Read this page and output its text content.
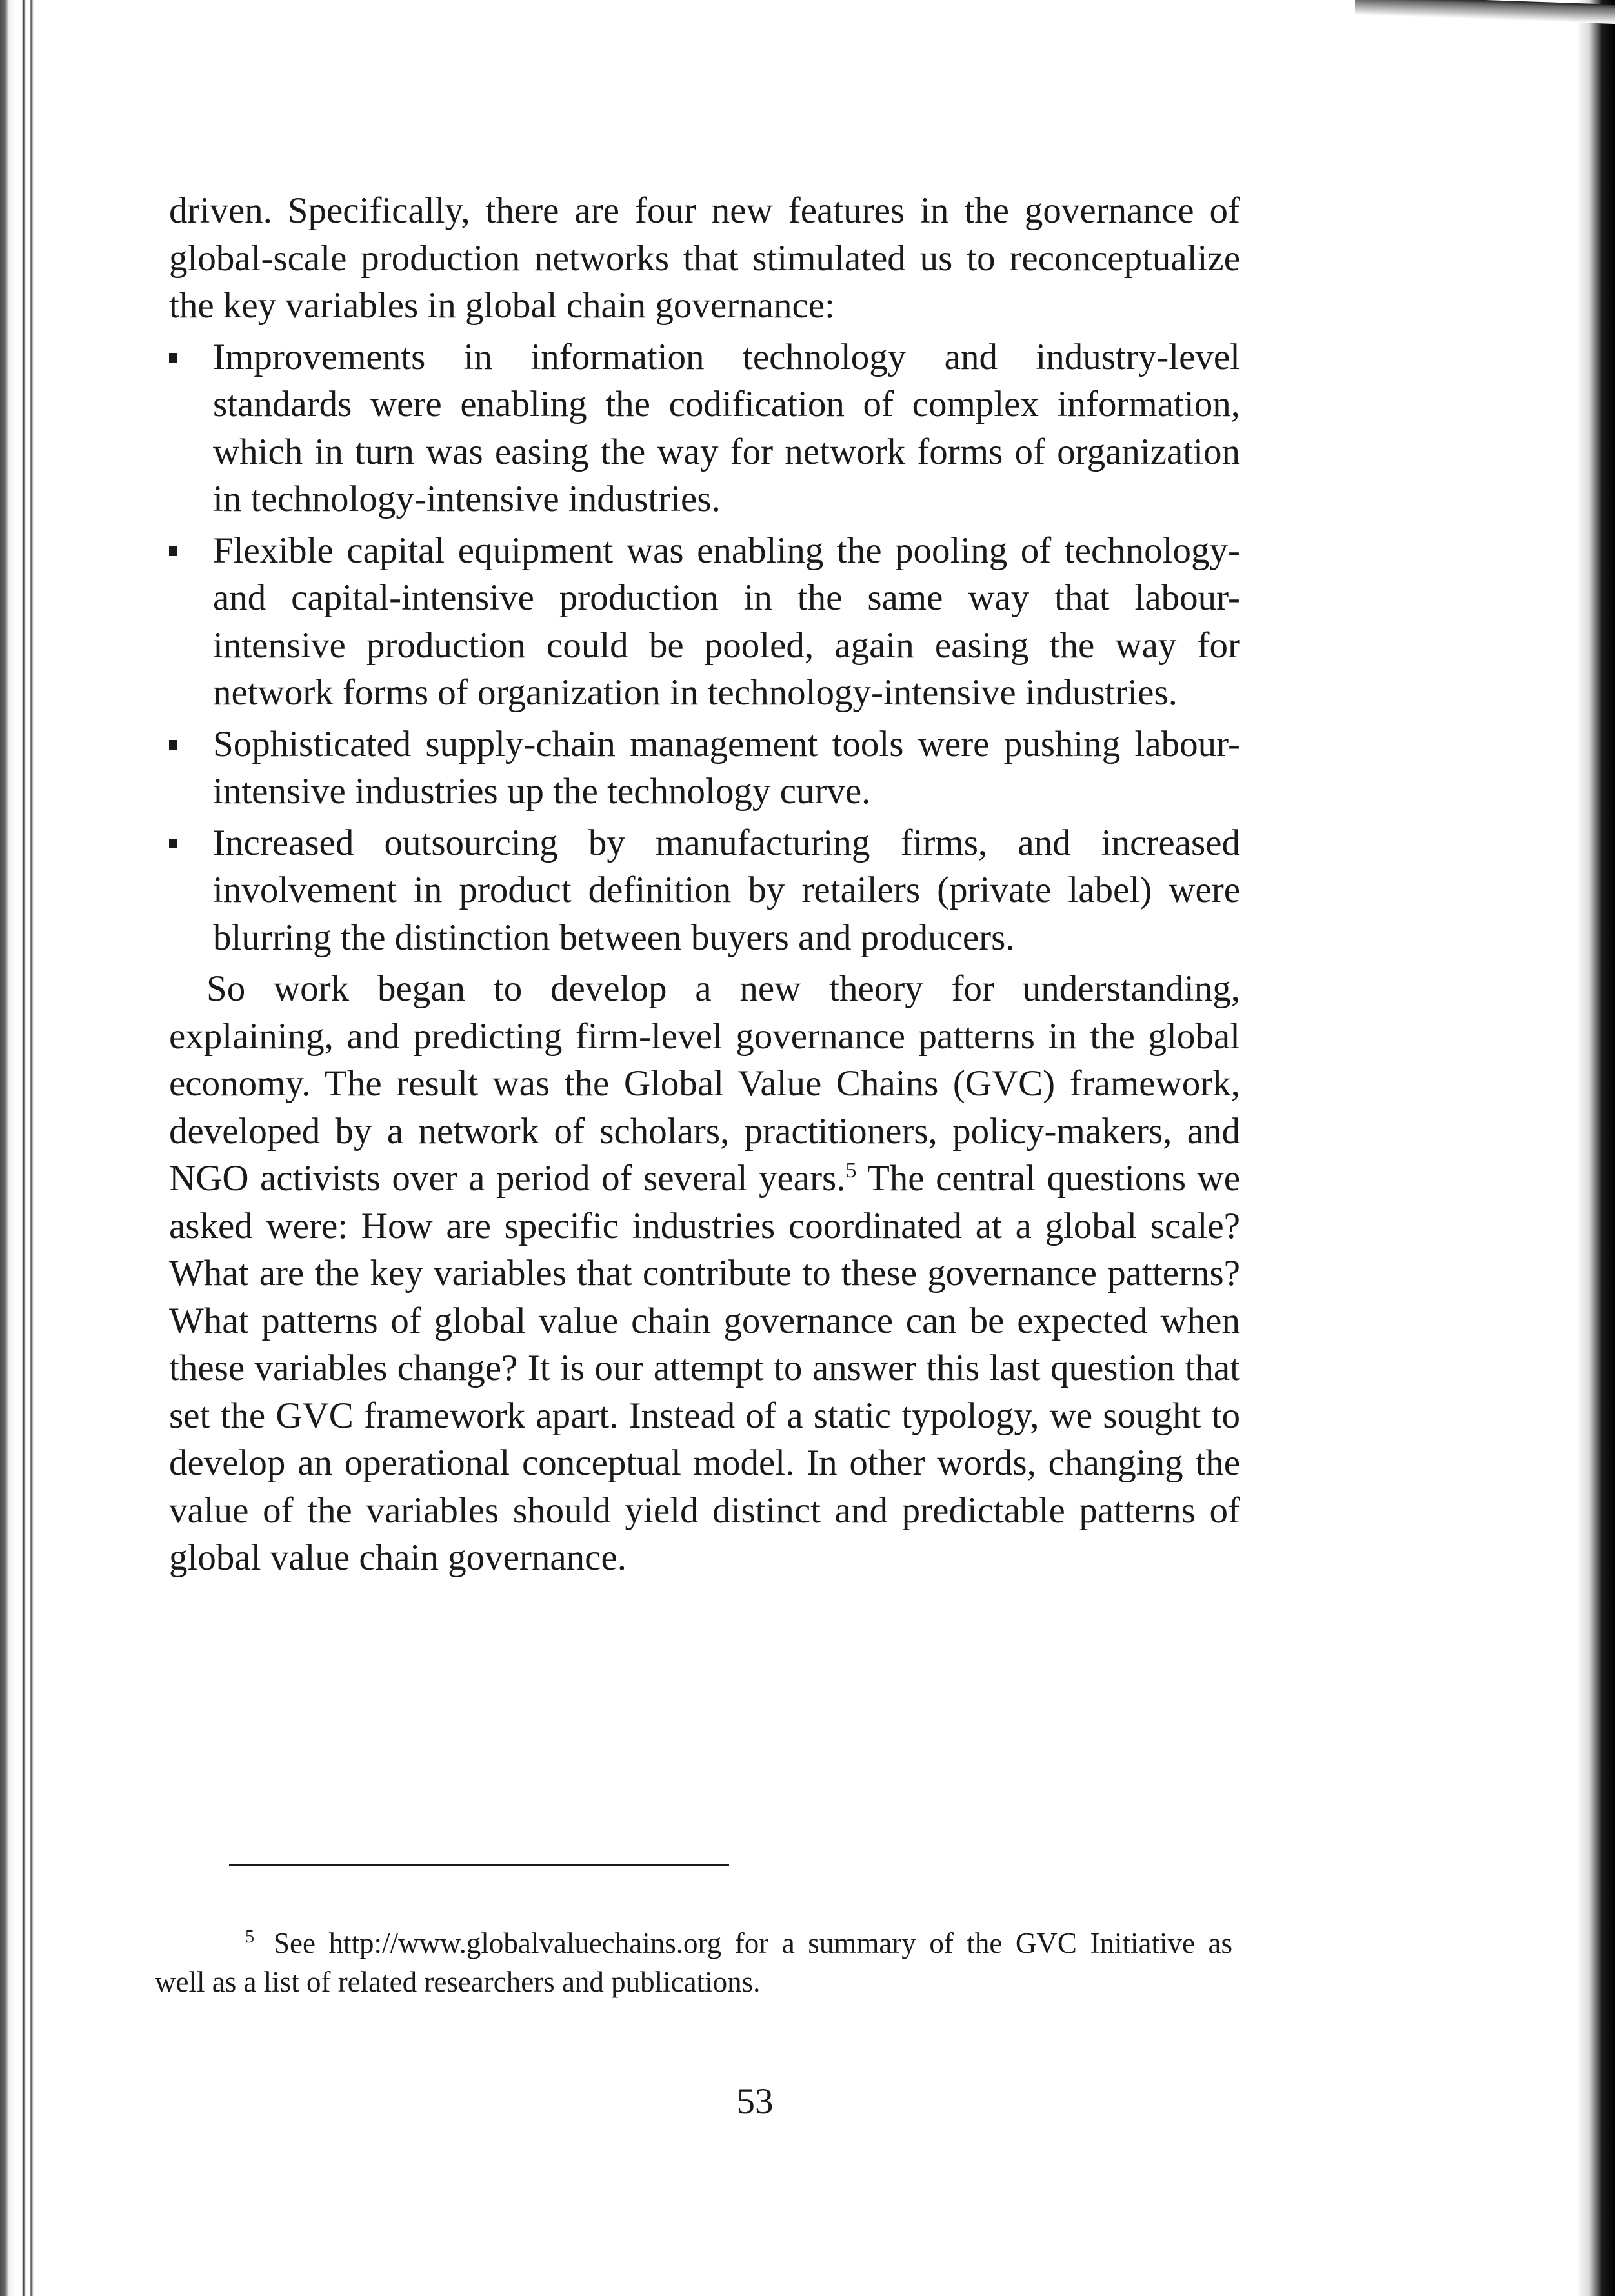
driven. Specifically, there are four new features in the governance of global-scale production networks that stimulated us to reconceptualize the key variables in global chain governance:

Improvements in information technology and industry-level standards were enabling the codification of complex information, which in turn was easing the way for network forms of organization in technology-intensive industries.
Flexible capital equipment was enabling the pooling of technology- and capital-intensive production in the same way that labour-intensive production could be pooled, again easing the way for network forms of organization in technology-intensive industries.
Sophisticated supply-chain management tools were pushing labour-intensive industries up the technology curve.
Increased outsourcing by manufacturing firms, and increased involvement in product definition by retailers (private label) were blurring the distinction between buyers and producers.

So work began to develop a new theory for understanding, explaining, and predicting firm-level governance patterns in the global economy. The result was the Global Value Chains (GVC) framework, developed by a network of scholars, practitioners, policy-makers, and NGO activists over a period of several years.$^5$ The central questions we asked were: How are specific industries coordinated at a global scale? What are the key variables that contribute to these governance patterns? What patterns of global value chain governance can be expected when these variables change? It is our attempt to answer this last question that set the GVC framework apart. Instead of a static typology, we sought to develop an operational conceptual model. In other words, changing the value of the variables should yield distinct and predictable patterns of global value chain governance.

$^5$ See http://www.globalvaluechains.org for a summary of the GVC Initiative as well as a list of related researchers and publications.
53
